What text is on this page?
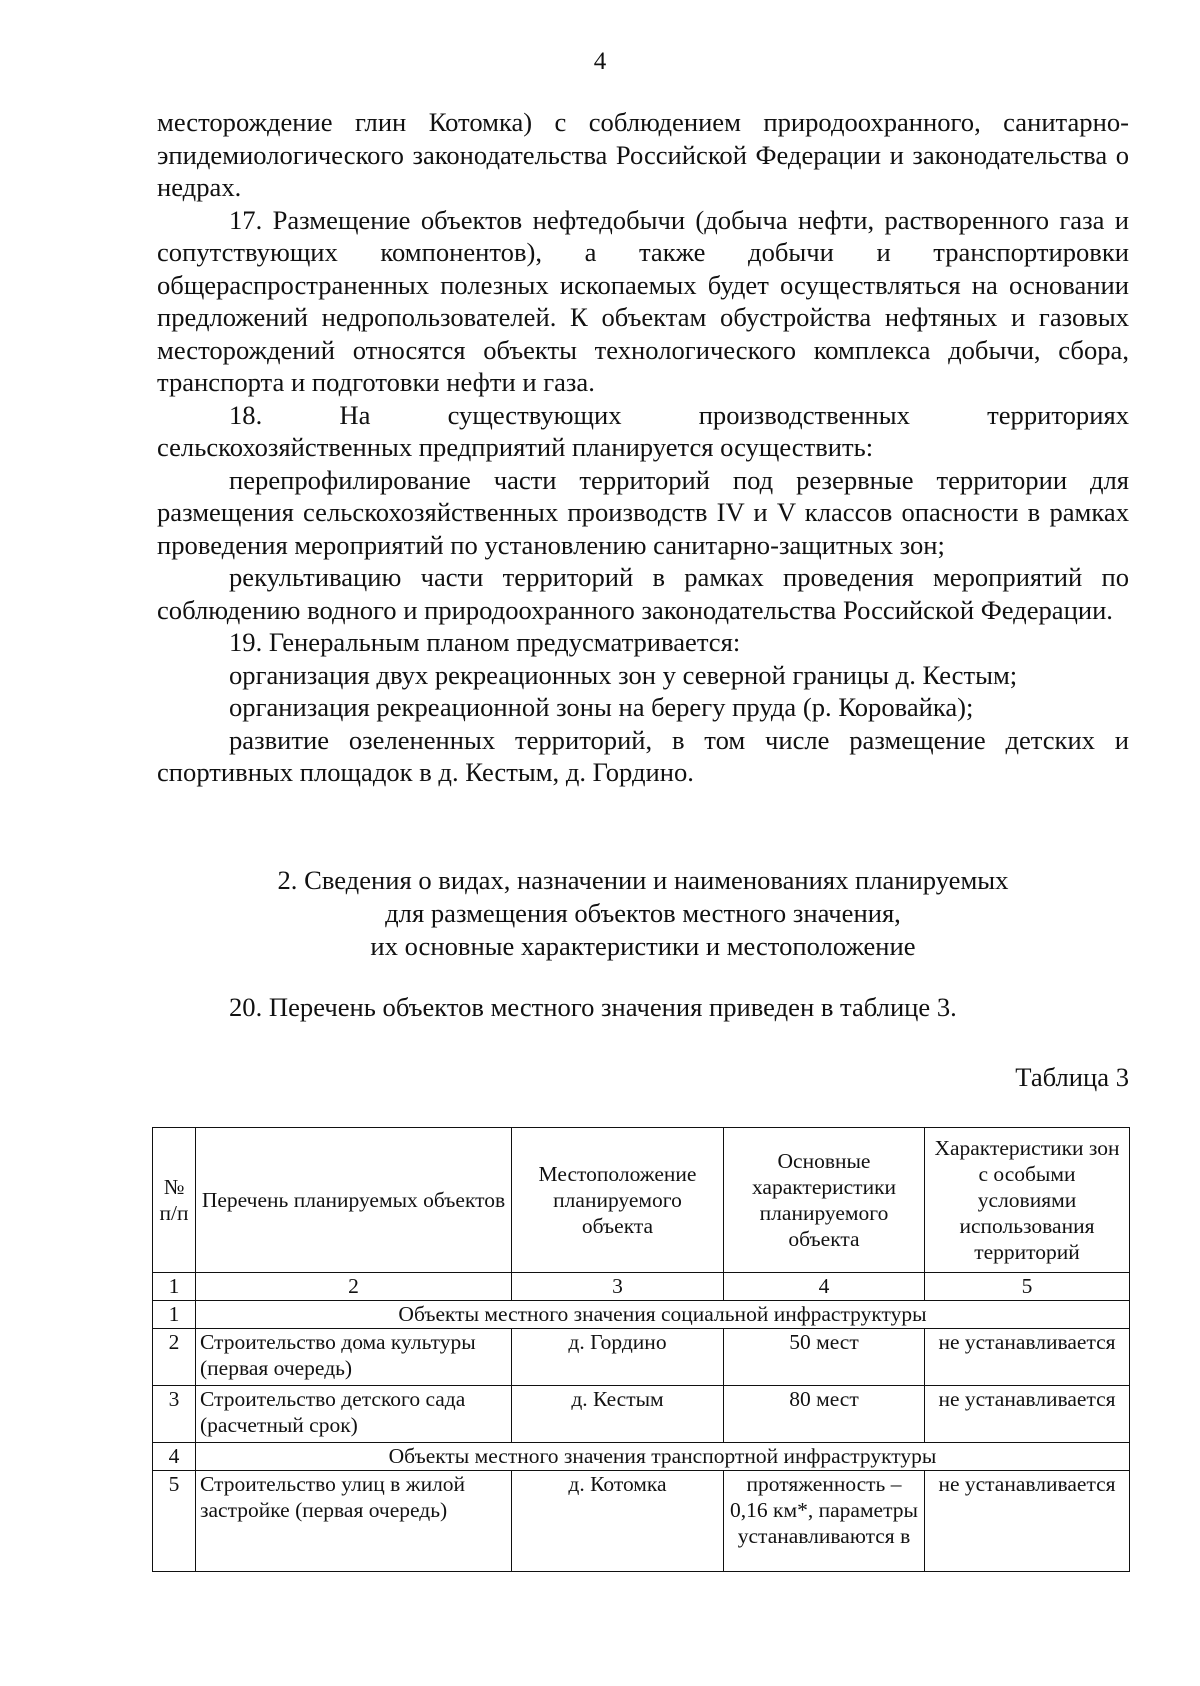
4

месторождение глин Котомка) с соблюдением природоохранного, санитарно-эпидемиологического законодательства Российской Федерации и законодательства о недрах.

17. Размещение объектов нефтедобычи (добыча нефти, растворенного газа и сопутствующих компонентов), а также добычи и транспортировки общераспространенных полезных ископаемых будет осуществляться на основании предложений недропользователей. К объектам обустройства нефтяных и газовых месторождений относятся объекты технологического комплекса добычи, сбора, транспорта и подготовки нефти и газа.

18. На существующих производственных территориях

сельскохозяйственных предприятий планируется осуществить:

перепрофилирование части территорий под резервные территории для размещения сельскохозяйственных производств IV и V классов опасности в рамках проведения мероприятий по установлению санитарно-защитных зон;

рекультивацию части территорий в рамках проведения мероприятий по соблюдению водного и природоохранного законодательства Российской Федерации.

19. Генеральным планом предусматривается:

организация двух рекреационных зон у северной границы д. Кестым;

организация рекреационной зоны на берегу пруда (р. Коровайка);

развитие озелененных территорий, в том числе размещение детских и спортивных площадок в д. Кестым, д. Гордино.

2. Сведения о видах, назначении и наименованиях планируемых
для размещения объектов местного значения,
их основные характеристики и местоположение
20. Перечень объектов местного значения приведен в таблице 3.
Таблица 3
№ п/п	Перечень планируемых объектов	Местоположение планируемого объекта	Основные характеристики планируемого объекта	Характеристики зон с особыми условиями использования территорий
1	2	3	4	5
1	Объекты местного значения социальной инфраструктуры			
2	Строительство дома культуры (первая очередь)	д. Гордино	50 мест	не устанавливается
3	Строительство детского сада (расчетный срок)	д. Кестым	80 мест	не устанавливается
4	Объекты местного значения транспортной инфраструктуры			
5	Строительство улиц в жилой застройке (первая очередь)	д. Котомка	протяженность – 0,16 км*, параметры устанавливаются в	не устанавливается
